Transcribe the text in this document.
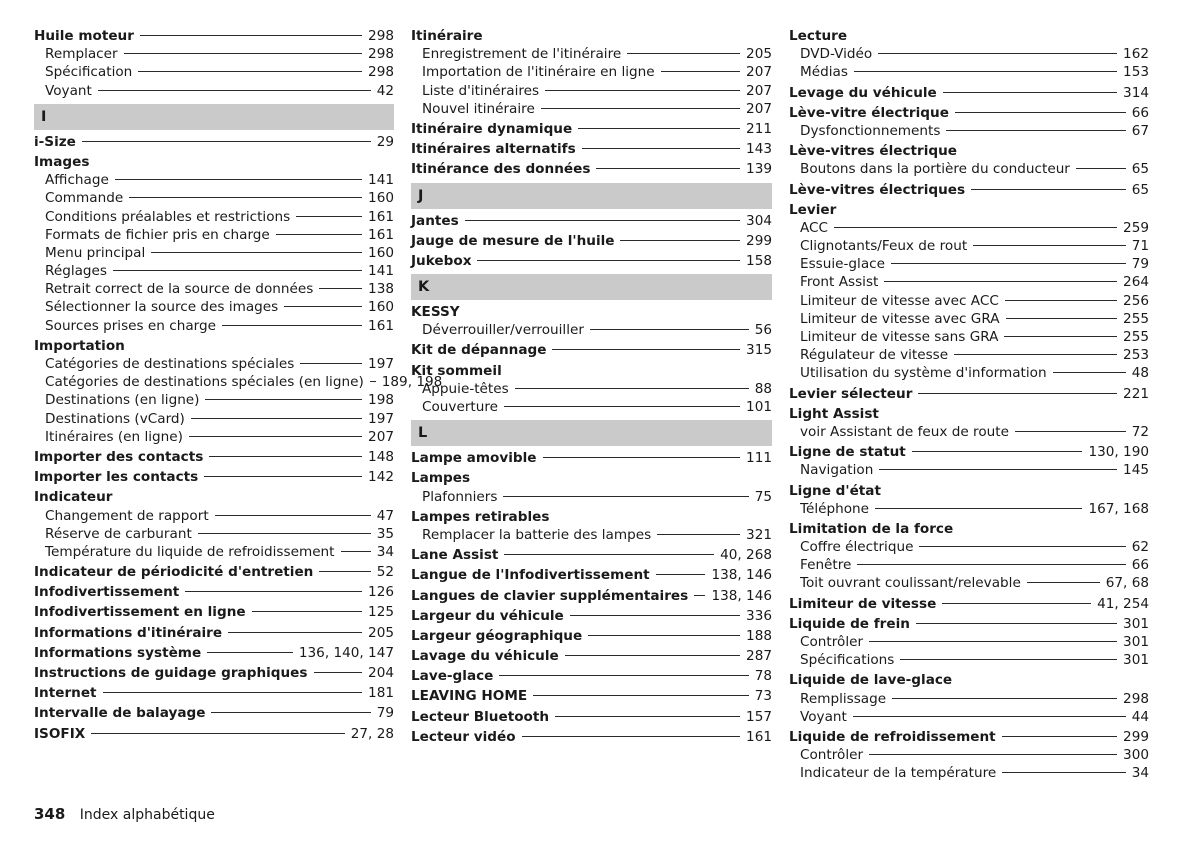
Huile moteur	298
Remplacer	298
Spécification	298
Voyant	42
I
i-Size	29
Images
Affichage	141
Commande	160
Conditions préalables et restrictions	161
Formats de fichier pris en charge	161
Menu principal	160
Réglages	141
Retrait correct de la source de données	138
Sélectionner la source des images	160
Sources prises en charge	161
Importation
Catégories de destinations spéciales	197
Catégories de destinations spéciales (en ligne) 189, 198
Destinations (en ligne)	198
Destinations (vCard)	197
Itinéraires (en ligne)	207
Importer des contacts	148
Importer les contacts	142
Indicateur
Changement de rapport	47
Réserve de carburant	35
Température du liquide de refroidissement	34
Indicateur de périodicité d'entretien	52
Infodivertissement	126
Infodivertissement en ligne	125
Informations d'itinéraire	205
Informations système	136, 140, 147
Instructions de guidage graphiques	204
Internet	181
Intervalle de balayage	79
ISOFIX	27, 28
Itinéraire
Enregistrement de l'itinéraire	205
Importation de l'itinéraire en ligne	207
Liste d'itinéraires	207
Nouvel itinéraire	207
Itinéraire dynamique	211
Itinéraires alternatifs	143
Itinérance des données	139
J
Jantes	304
Jauge de mesure de l'huile	299
Jukebox	158
K
KESSY
Déverrouiller/verrouiller	56
Kit de dépannage	315
Kit sommeil
Appuie-têtes	88
Couverture	101
L
Lampe amovible	111
Lampes
Plafonniers	75
Lampes retirables
Remplacer la batterie des lampes	321
Lane Assist	40, 268
Langue de l'Infodivertissement	138, 146
Langues de clavier supplémentaires 138, 146
Largeur du véhicule	336
Largeur géographique	188
Lavage du véhicule	287
Lave-glace	78
LEAVING HOME	73
Lecteur Bluetooth	157
Lecteur vidéo	161
Lecture
DVD-Vidéo	162
Médias	153
Levage du véhicule	314
Lève-vitre électrique	66
Dysfonctionnements	67
Lève-vitres électrique
Boutons dans la portière du conducteur	65
Lève-vitres électriques	65
Levier
ACC	259
Clignotants/Feux de rout	71
Essuie-glace	79
Front Assist	264
Limiteur de vitesse avec ACC	256
Limiteur de vitesse avec GRA	255
Limiteur de vitesse sans GRA	255
Régulateur de vitesse	253
Utilisation du système d'information	48
Levier sélecteur	221
Light Assist
voir Assistant de feux de route	72
Ligne de statut	130, 190
Navigation	145
Ligne d'état
Téléphone	167, 168
Limitation de la force
Coffre électrique	62
Fenêtre	66
Toit ouvrant coulissant/relevable	67, 68
Limiteur de vitesse	41, 254
Liquide de frein	301
Contrôler	301
Spécifications	301
Liquide de lave-glace
Remplissage	298
Voyant	44
Liquide de refroidissement	299
Contrôler	300
Indicateur de la température	34
348 Index alphabétique
